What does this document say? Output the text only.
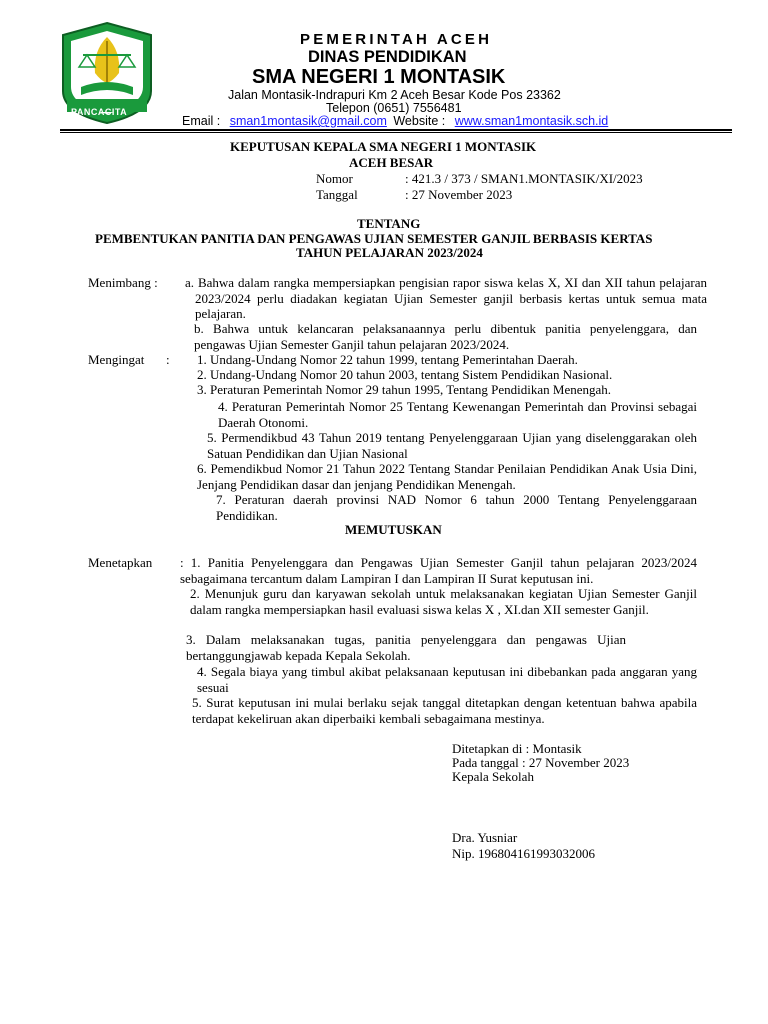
PANCACITA
PEMERINTAH ACEH
DINAS PENDIDIKAN
SMA NEGERI 1 MONTASIK
Jalan Montasik-Indrapuri Km 2 Aceh Besar Kode Pos 23362
Telepon (0651) 7556481
Email : sman1montasik@gmail.com Website : www.sman1montasik.sch.id
KEPUTUSAN KEPALA SMA NEGERI 1 MONTASIK
ACEH BESAR
Nomor	: 421.3 / 373 / SMAN1.MONTASIK/XI/2023
Tanggal	: 27 November 2023
TENTANG
PEMBENTUKAN PANITIA DAN PENGAWAS UJIAN SEMESTER GANJIL BERBASIS KERTAS
TAHUN PELAJARAN 2023/2024
Menimbang : a. Bahwa dalam rangka mempersiapkan pengisian rapor siswa kelas X, XI dan XII tahun pelajaran 2023/2024 perlu diadakan kegiatan Ujian Semester ganjil berbasis kertas untuk semua mata pelajaran.
b. Bahwa untuk kelancaran pelaksanaannya perlu dibentuk panitia penyelenggara, dan pengawas Ujian Semester Ganjil tahun pelajaran 2023/2024.
Mengingat : 1. Undang-Undang Nomor 22 tahun 1999, tentang Pemerintahan Daerah.
2. Undang-Undang Nomor 20 tahun 2003, tentang Sistem Pendidikan Nasional.
3. Peraturan Pemerintah Nomor 29 tahun 1995, Tentang Pendidikan Menengah.
4. Peraturan Pemerintah Nomor 25 Tentang Kewenangan Pemerintah dan Provinsi sebagai Daerah Otonomi.
5. Permendikbud 43 Tahun 2019 tentang Penyelenggaraan Ujian yang diselenggarakan oleh Satuan Pendidikan dan Ujian Nasional
6. Pemendikbud Nomor 21 Tahun 2022 Tentang Standar Penilaian Pendidikan Anak Usia Dini, Jenjang Pendidikan dasar dan jenjang Pendidikan Menengah.
7. Peraturan daerah provinsi NAD Nomor 6 tahun 2000 Tentang Penyelenggaraan Pendidikan.
MEMUTUSKAN
Menetapkan : 1. Panitia Penyelenggara dan Pengawas Ujian Semester Ganjil tahun pelajaran 2023/2024 sebagaimana tercantum dalam Lampiran I dan Lampiran II Surat keputusan ini.
2. Menunjuk guru dan karyawan sekolah untuk melaksanakan kegiatan Ujian Semester Ganjil dalam rangka mempersiapkan hasil evaluasi siswa kelas X , XI.dan XII semester Ganjil.
3. Dalam melaksanakan tugas, panitia penyelenggara dan pengawas Ujian bertanggungjawab kepada Kepala Sekolah.
4. Segala biaya yang timbul akibat pelaksanaan keputusan ini dibebankan pada anggaran yang sesuai
5. Surat keputusan ini mulai berlaku sejak tanggal ditetapkan dengan ketentuan bahwa apabila terdapat kekeliruan akan diperbaiki kembali sebagaimana mestinya.
Ditetapkan di : Montasik
Pada tanggal : 27 November 2023
Kepala Sekolah
Dra. Yusniar
Nip. 196804161993032006
